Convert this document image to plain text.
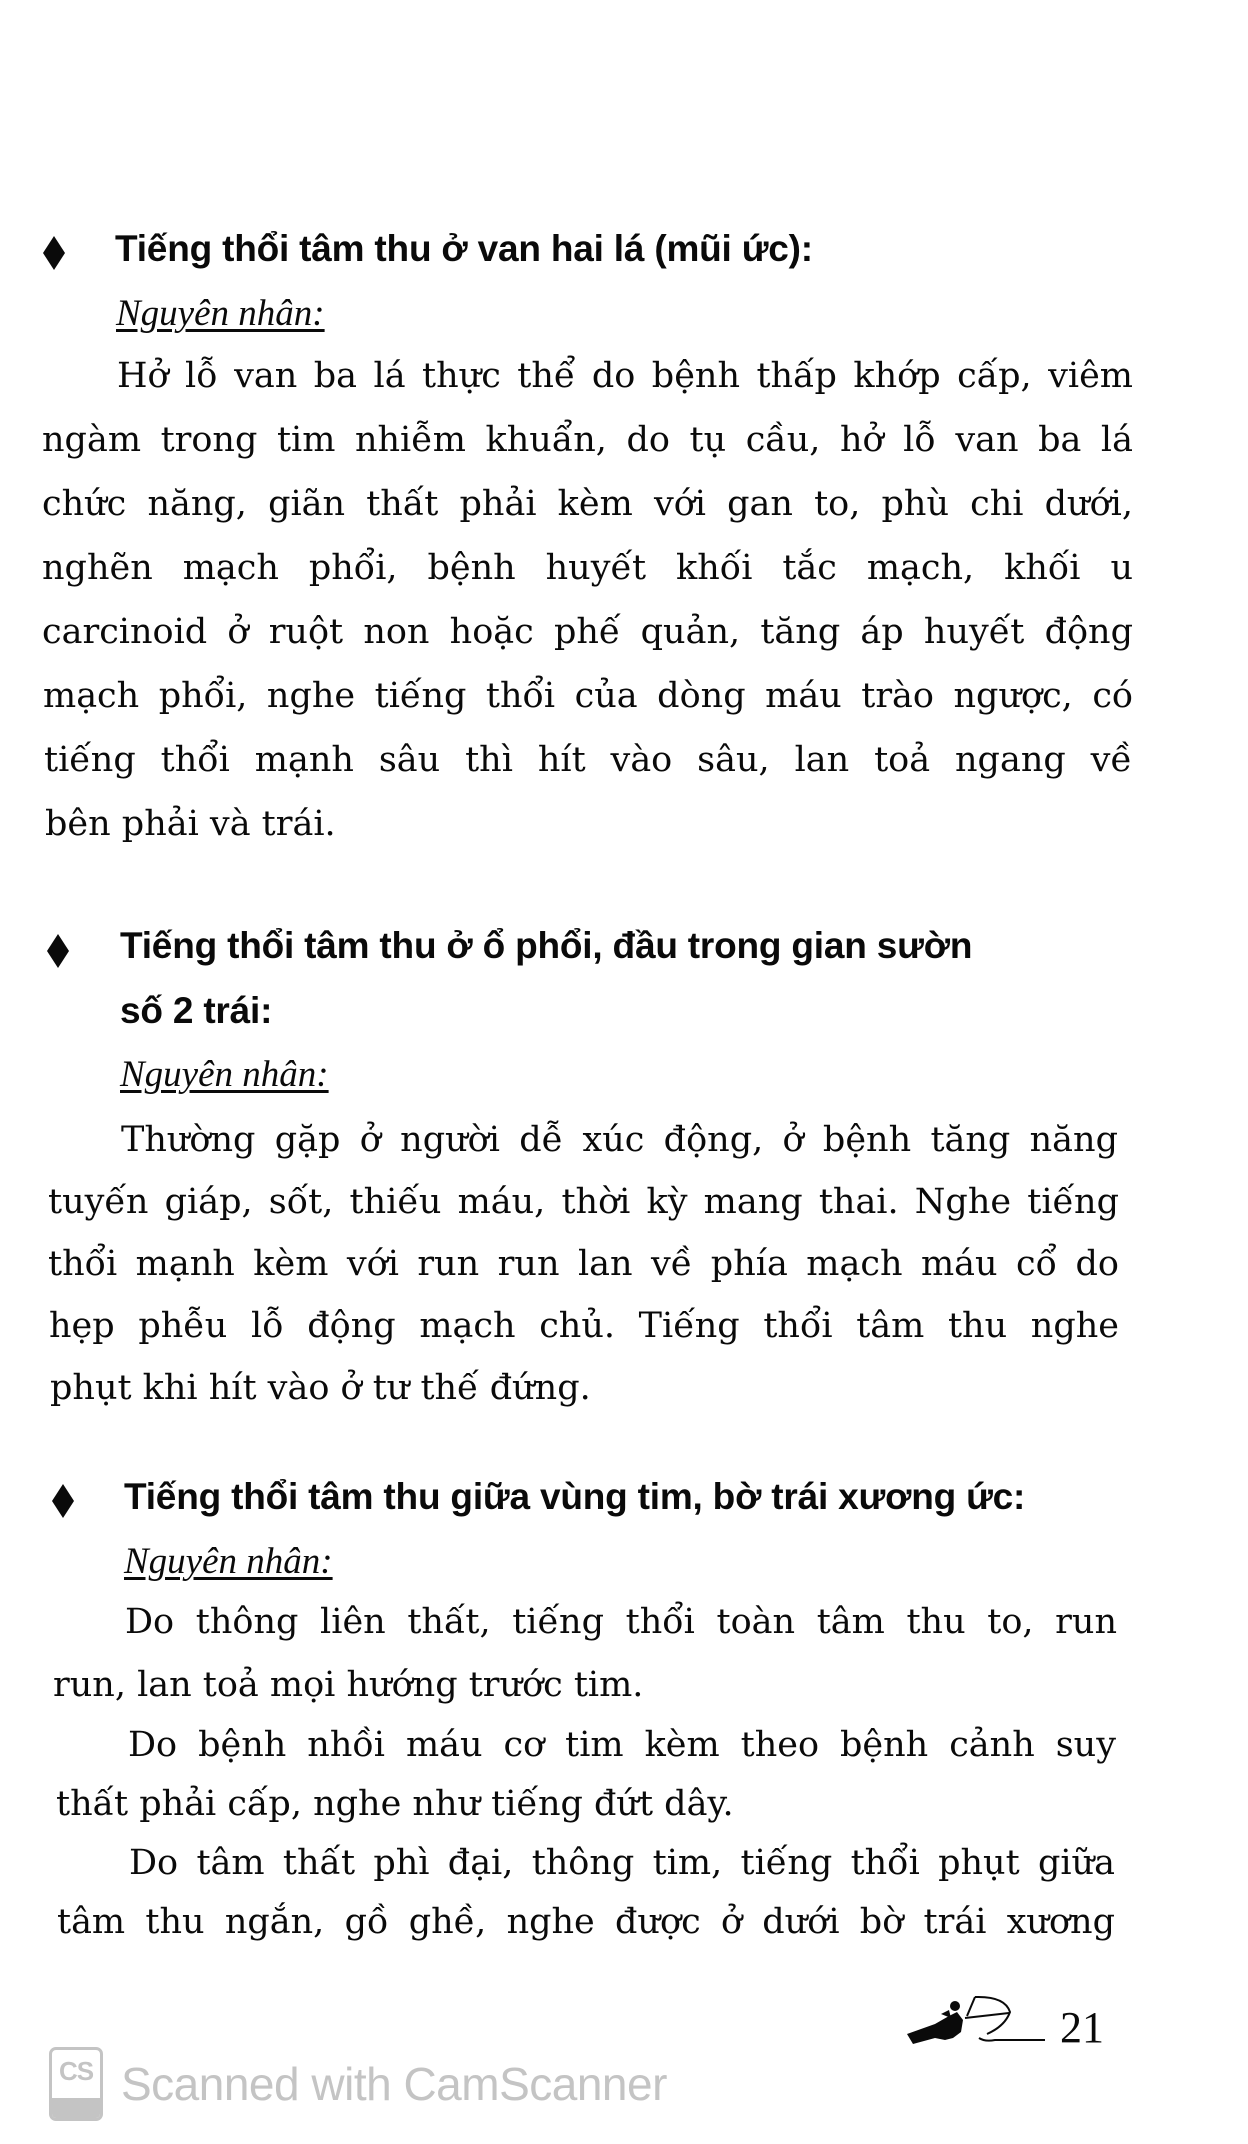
Tiếng thổi tâm thu ở van hai lá (mũi ức):
Nguyên nhân:
Hở lỗ van ba lá thực thể do bệnh thấp khớp cấp, viêm
ngàm trong tim nhiễm khuẩn, do tụ cầu, hở lỗ van ba lá
chức năng, giãn thất phải kèm với gan to, phù chi dưới,
nghẽn mạch phổi, bệnh huyết khối tắc mạch, khối u
carcinoid ở ruột non hoặc phế quản, tăng áp huyết động
mạch phổi, nghe tiếng thổi của dòng máu trào ngược, có
tiếng thổi mạnh sâu thì hít vào sâu, lan toả ngang về
bên phải và trái.
Tiếng thổi tâm thu ở ổ phổi, đầu trong gian sườn
số 2 trái:
Nguyên nhân:
Thường gặp ở người dễ xúc động, ở bệnh tăng năng
tuyến giáp, sốt, thiếu máu, thời kỳ mang thai. Nghe tiếng
thổi mạnh kèm với run run lan về phía mạch máu cổ do
hẹp phễu lỗ động mạch chủ. Tiếng thổi tâm thu nghe
phụt khi hít vào ở tư thế đứng.
Tiếng thổi tâm thu giữa vùng tim, bờ trái xương ức:
Nguyên nhân:
Do thông liên thất, tiếng thổi toàn tâm thu to, run
run, lan toả mọi hướng trước tim.
Do bệnh nhồi máu cơ tim kèm theo bệnh cảnh suy
thất phải cấp, nghe như tiếng đứt dây.
Do tâm thất phì đại, thông tim, tiếng thổi phụt giữa
tâm thu ngắn, gồ ghề, nghe được ở dưới bờ trái xương
21
CS Scanned with CamScanner
